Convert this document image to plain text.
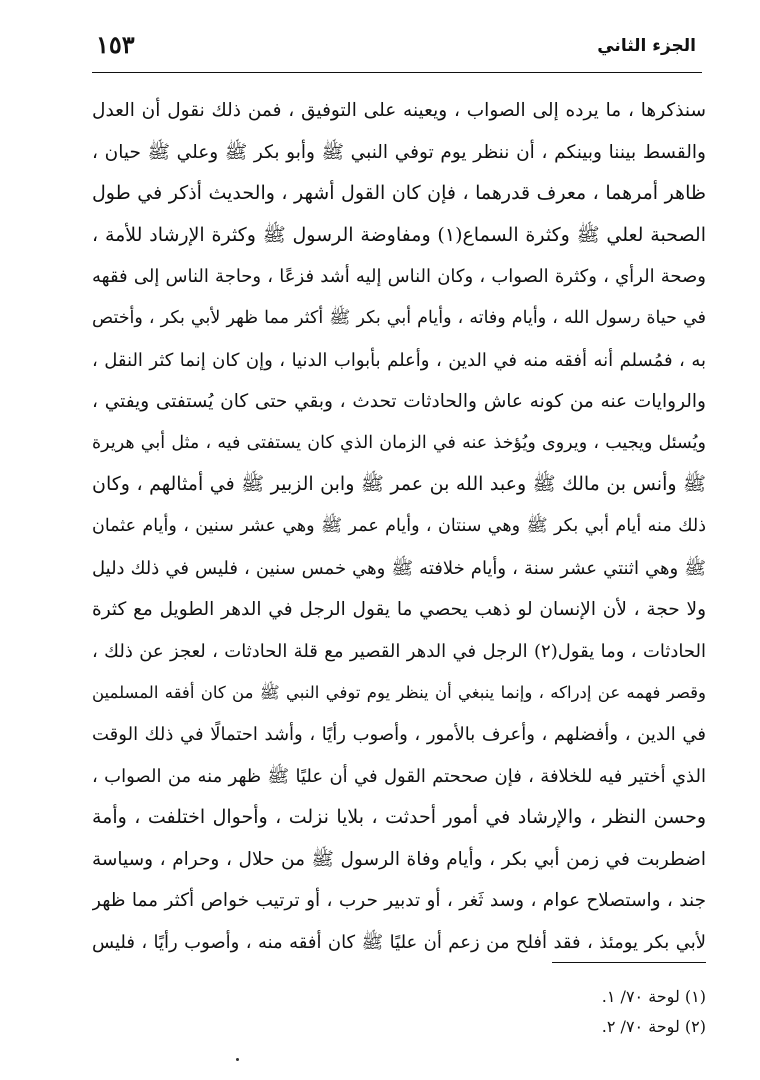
الجزء الثاني
١٥٣
سنذكرها ، ما يرده إلى الصواب ، ويعينه على التوفيق ، فمن ذلك نقول أن العدل
والقسط بيننا وبينكم ، أن ننظر يوم توفي النبي ﷺ وأبو بكر ﷺ وعلي ﷺ حيان ،
ظاهر أمرهما ، معرف قدرهما ، فإن كان القول أشهر ، والحديث أذكر في طول
الصحبة لعلي ﷺ وكثرة السماع(١) ومفاوضة الرسول ﷺ وكثرة الإرشاد للأمة ،
وصحة الرأي ، وكثرة الصواب ، وكان الناس إليه أشد فزعًا ، وحاجة الناس إلى فقهه
في حياة رسول الله ، وأيام وفاته ، وأيام أبي بكر ﷺ أكثر مما ظهر لأبي بكر ، وأختص
به ، فمُسلم أنه أفقه منه في الدين ، وأعلم بأبواب الدنيا ، وإن كان إنما كثر النقل ،
والروايات عنه من كونه عاش والحادثات تحدث ، وبقي حتى كان يُستفتى ويفتي ،
ويُسئل ويجيب ، ويروى ويُؤخذ عنه في الزمان الذي كان يستفتى فيه ، مثل أبي هريرة
ﷺ وأنس بن مالك ﷺ وعبد الله بن عمر ﷺ وابن الزبير ﷺ في أمثالهم ، وكان
ذلك منه أيام أبي بكر ﷺ وهي سنتان ، وأيام عمر ﷺ وهي عشر سنين ، وأيام عثمان
ﷺ وهي اثنتي عشر سنة ، وأيام خلافته ﷺ وهي خمس سنين ، فليس في ذلك دليل
ولا حجة ، لأن الإنسان لو ذهب يحصي ما يقول الرجل في الدهر الطويل مع كثرة
الحادثات ، وما يقول(٢) الرجل في الدهر القصير مع قلة الحادثات ، لعجز عن ذلك ،
وقصر فهمه عن إدراكه ، وإنما ينبغي أن ينظر يوم توفي النبي ﷺ من كان أفقه المسلمين
في الدين ، وأفضلهم ، وأعرف بالأمور ، وأصوب رأيًا ، وأشد احتمالًا في ذلك الوقت
الذي أختير فيه للخلافة ، فإن صححتم القول في أن عليًا ﷺ ظهر منه من الصواب ،
وحسن النظر ، والإرشاد في أمور أحدثت ، بلايا نزلت ، وأحوال اختلفت ، وأمة
اضطربت في زمن أبي بكر ، وأيام وفاة الرسول ﷺ من حلال ، وحرام ، وسياسة
جند ، واستصلاح عوام ، وسد ثَغر ، أو تدبير حرب ، أو ترتيب خواص أكثر مما ظهر
لأبي بكر يومئذ ، فقد أفلح من زعم أن عليًا ﷺ كان أفقه منه ، وأصوب رأيًا ، فليس
(١) لوحة ٧٠/ ١.
(٢) لوحة ٧٠/ ٢.
